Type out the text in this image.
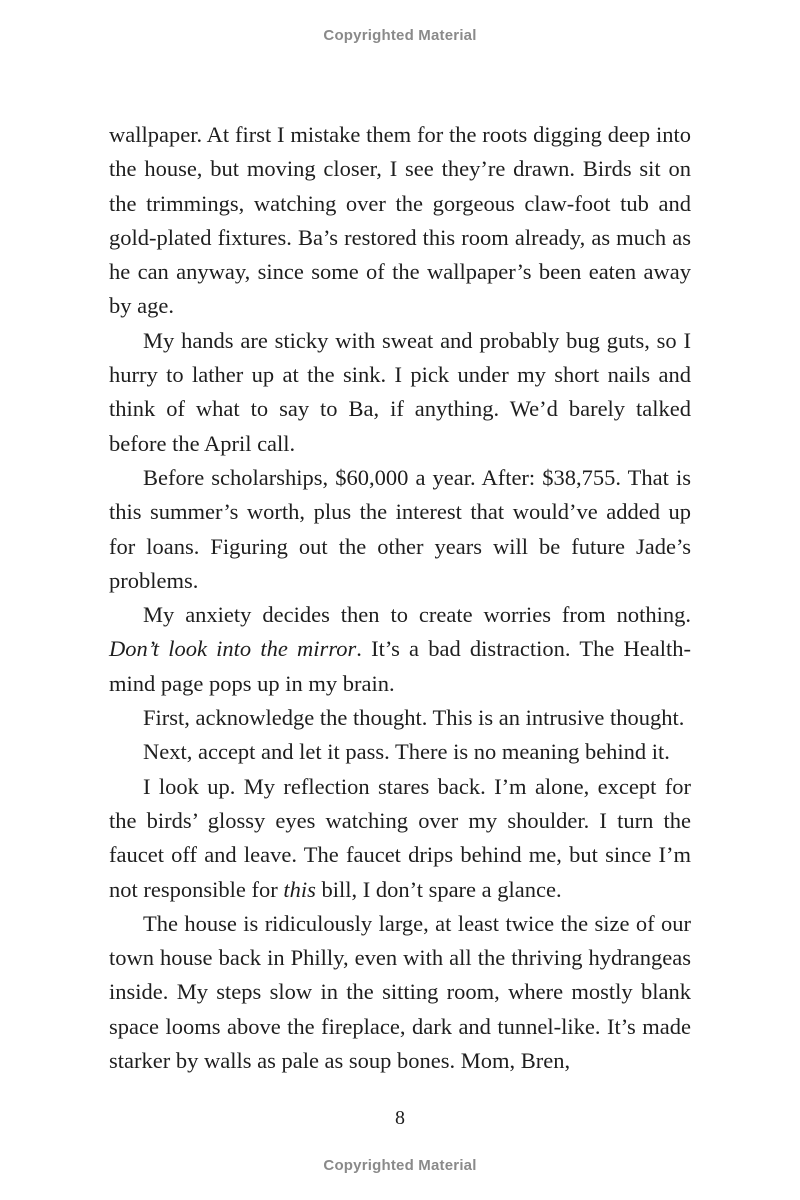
Copyrighted Material

wallpaper. At first I mistake them for the roots digging deep into the house, but moving closer, I see they’re drawn. Birds sit on the trimmings, watching over the gorgeous claw-foot tub and gold-plated fixtures. Ba’s restored this room already, as much as he can anyway, since some of the wallpaper’s been eaten away by age.

My hands are sticky with sweat and probably bug guts, so I hurry to lather up at the sink. I pick under my short nails and think of what to say to Ba, if anything. We’d barely talked before the April call.

Before scholarships, $60,000 a year. After: $38,755. That is this summer’s worth, plus the interest that would’ve added up for loans. Figuring out the other years will be future Jade’s problems.

My anxiety decides then to create worries from nothing. Don’t look into the mirror. It’s a bad distraction. The Healthmind page pops up in my brain.

First, acknowledge the thought. This is an intrusive thought.

Next, accept and let it pass. There is no meaning behind it.

I look up. My reflection stares back. I’m alone, except for the birds’ glossy eyes watching over my shoulder. I turn the faucet off and leave. The faucet drips behind me, but since I’m not responsible for this bill, I don’t spare a glance.

The house is ridiculously large, at least twice the size of our town house back in Philly, even with all the thriving hydrangeas inside. My steps slow in the sitting room, where mostly blank space looms above the fireplace, dark and tunnel-like. It’s made starker by walls as pale as soup bones. Mom, Bren,

8
Copyrighted Material
